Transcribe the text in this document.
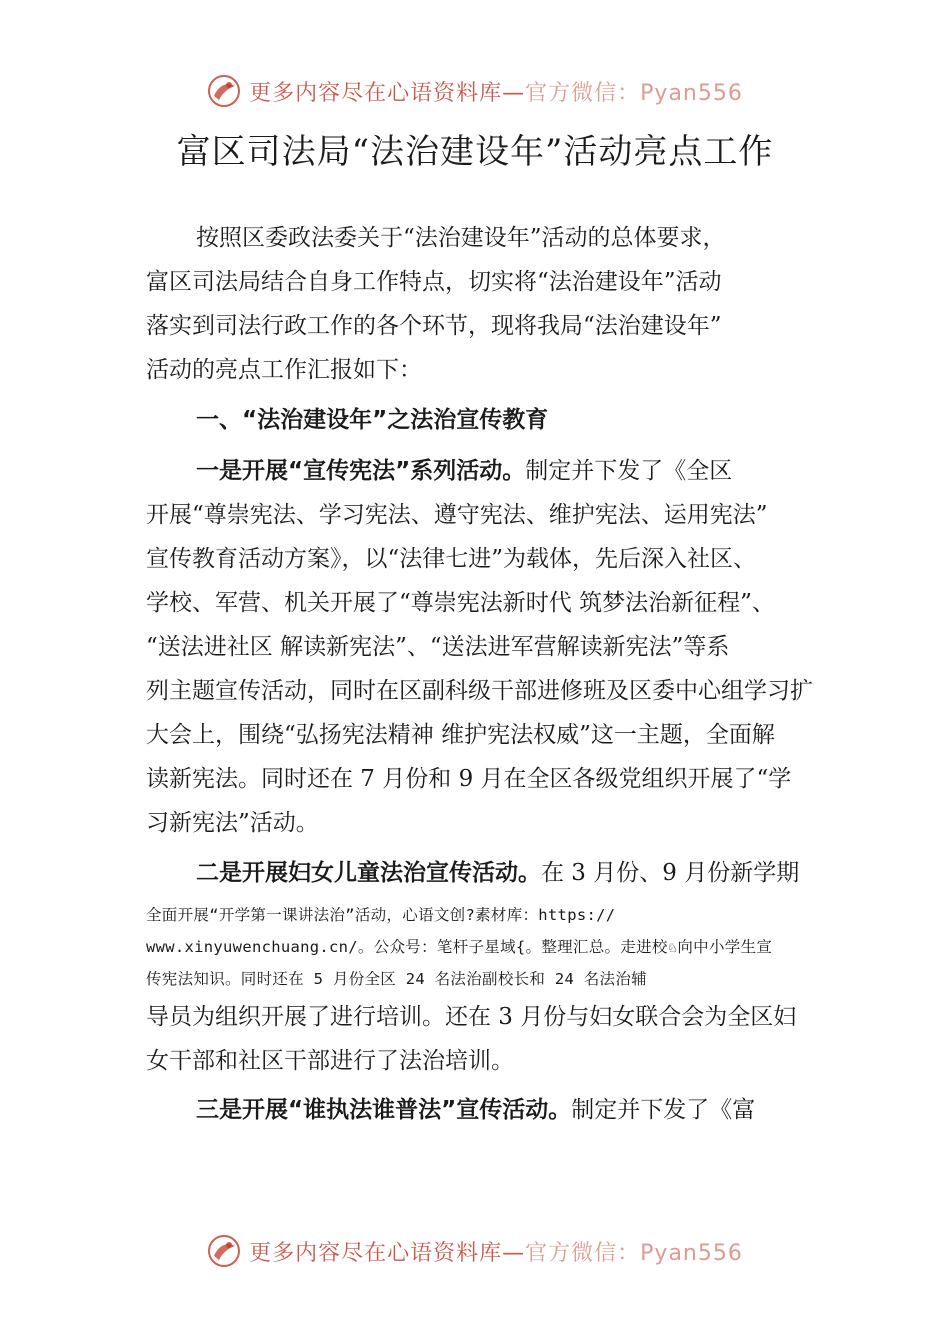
更多内容尽在心语资料库—官方微信：Pyan556
富区司法局“法治建设年”活动亮点工作
按照区委政法委关于“法治建设年”活动的总体要求，
富区司法局结合自身工作特点，切实将“法治建设年”活动
落实到司法行政工作的各个环节，现将我局“法治建设年”
活动的亮点工作汇报如下：
一、“法治建设年”之法治宣传教育
一是开展“宣传宪法”系列活动。制定并下发了《全区
开展“尊崇宪法、学习宪法、遵守宪法、维护宪法、运用宪法”
宣传教育活动方案》，以“法律七进”为载体，先后深入社区、
学校、军营、机关开展了“尊崇宪法新时代 筑梦法治新征程”、
“送法进社区 解读新宪法”、“送法进军营解读新宪法”等系
列主题宣传活动，同时在区副科级干部进修班及区委中心组学习扩
大会上，围绕“弘扬宪法精神 维护宪法权威”这一主题，全面解
读新宪法。同时还在 7 月份和 9 月在全区各级党组织开展了“学
习新宪法”活动。
二是开展妇女儿童法治宣传活动。在 3 月份、9 月份新学期
全面开展“开学第一课讲法治”活动，心语文创?素材库：https://
www.xinyuwenchuang.cn/。公众号：笔杆子星域{。整理汇总。走进校♘向中小学生宣
传宪法知识。同时还在 5 月份全区 24 名法治副校长和 24 名法治辅
导员为组织开展了进行培训。还在 3 月份与妇女联合会为全区妇
女干部和社区干部进行了法治培训。
三是开展“谁执法谁普法”宣传活动。制定并下发了《富
更多内容尽在心语资料库—官方微信：Pyan556
